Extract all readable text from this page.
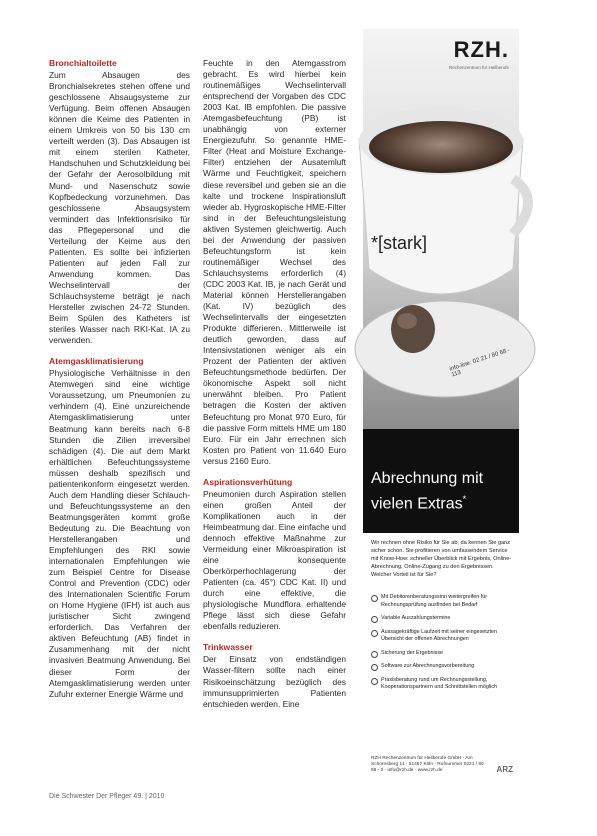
Bronchialtoilette

Zum Absaugen des Bronchialsekretes stehen offene und geschlossene Absaugsysteme zur Verfügung. Beim offenen Absaugen können die Keime des Patienten in einem Umkreis von 50 bis 130 cm verteilt werden (3). Das Absaugen ist mit einem sterilen Katheter, Handschuhen und Schutzkleidung bei der Gefahr der Aerosolbildung mit Mund- und Nasenschutz sowie Kopfbedeckung vorzunehmen. Das geschlossene Absaugsystem vermindert das Infektionsrisiko für das Pflegepersonal und die Verteilung der Keime aus den Patienten. Es sollte bei infizierten Patienten auf jeden Fall zur Anwendung kommen. Das Wechselintervall der Schlauchsysteme beträgt je nach Hersteller zwischen 24-72 Stunden. Beim Spülen des Katheters ist steriles Wasser nach RKI-Kat. IA zu verwenden.

Atemgasklimatisierung

Physiologische Verhältnisse in den Atemwegen sind eine wichtige Voraussetzung, um Pneumonien zu verhindern (4). Eine unzureichende Atemgasklimatisierung unter Beatmung kann bereits nach 6-8 Stunden die Zilien irreversibel schädigen (4). Die auf dem Markt erhältlichen Befeuchtungssysteme müssen deshalb spezifisch und patientenkonform eingesetzt werden. Auch dem Handling dieser Schlauch- und Befeuchtungssysteme an den Beatmungsgeräten kommt große Bedeutung zu. Die Beachtung von Herstellerangaben und Empfehlungen des RKI sowie internationalen Empfehlungen wie zum Beispiel Centre for Disease Control and Prevention (CDC) oder des Internationalen Scientific Forum on Home Hygiene (IFH) ist auch aus juristischer Sicht zwingend erforderlich. Das Verfahren der aktiven Befeuchtung (AB) findet in Zusammenhang mit der nicht invasiven Beatmung Anwendung. Bei dieser Form der Atemgasklimatisierung werden unter Zufuhr externer Energie Wärme und

Feuchte in den Atemgasstrom gebracht. Es wird hierbei kein routinemäßiges Wechselintervall entsprechend der Vorgaben des CDC 2003 Kat. IB empfohlen. Die passive Atemgasbefeuchtung (PB) ist unabhängig von externer Energiezufuhr. So genannte HME-Filter (Heat and Moisture Exchange-Filter) entziehen der Ausatemluft Wärme und Feuchtigkeit, speichern diese reversibel und geben sie an die kalte und trockene Inspirationsluft wieder ab. Hygroskopische HME-Filter sind in der Befeuchtungsleistung aktiven Systemen gleichwertig. Auch bei der Anwendung der passiven Befeuchtungsform ist kein routinemäßiger Wechsel des Schlauchsystems erforderlich (4) (CDC 2003 Kat. IB, je nach Gerät und Material können Herstellerangaben (Kat. IV) bezüglich des Wechselintervalls der eingesetzten Produkte differieren. Mittlerweile ist deutlich geworden, dass auf Intensivstationen weniger als ein Prozent der Patienten der aktiven Befeuchtungsmethode bedürfen. Der ökonomische Aspekt soll nicht unerwähnt bleiben. Pro Patient betragen die Kosten der aktiven Befeuchtung pro Monat 970 Euro, für die passive Form mittels HME um 180 Euro. Für ein Jahr errechnen sich Kosten pro Patient von 11.640 Euro versus 2160 Euro.

Aspirationsverhütung

Pneumonien durch Aspiration stellen einen großen Anteil der Komplikationen auch in der Heimbeatmung dar. Eine einfache und dennoch effektive Maßnahme zur Vermeidung einer Mikroaspiration ist eine konsequente Oberkörperhochlagerung der Patienten (ca. 45°) CDC Kat. II) und durch eine effektive, die physiologische Mundflora erhaltende Pflege lässt sich diese Gefahr ebenfalls reduzieren.

Trinkwasser

Der Einsatz von endständigen Wasser-filtern sollte nach einer Risikoeinschätzung bezüglich des immunsupprimierten Patienten entschieden werden. Eine

Die Schwester Der Pfleger 49. | 2010
RZH.
Rechenzentrum für Heilberufe
*[stark]
info-line: 02 21 / 80 68 - 113
Abrechnung mit vielen Extras*
Wir rechnen ohne Risiko für Sie ab, da kennen Sie ganz sicher schon. Sie profitieren von umfassendem Service mit Know-How: schneller Überblick mit Ergebnis, Online-Abrechnung, Online-Zugang zu den Ergebnissen. Welcher Vorteil ist für Sie?
Mit Debitorenberatungssinn weitergreifen für Rechnungsprüfung ausfinden bei Bedarf
Variable Auszahlungstermine
Aussagekräftige Laufzeit mit seiner eingesetzten Übersicht der offenen Abrechnungen
Sicherung der Ergebnisse
Software zur Abrechnungsvorbereitung
Praxisberatung rund um Rechnungsstellung, Kooperationspartnern und Schnittstellen möglich
RZH Rechenzentrum für Heilberufe GmbH · Am Schornsberg 11 · 51467 Köln · Rufnummer 0221 / 80 68 - 0 · info@rzh.de · www.rzh.de	ARZ
